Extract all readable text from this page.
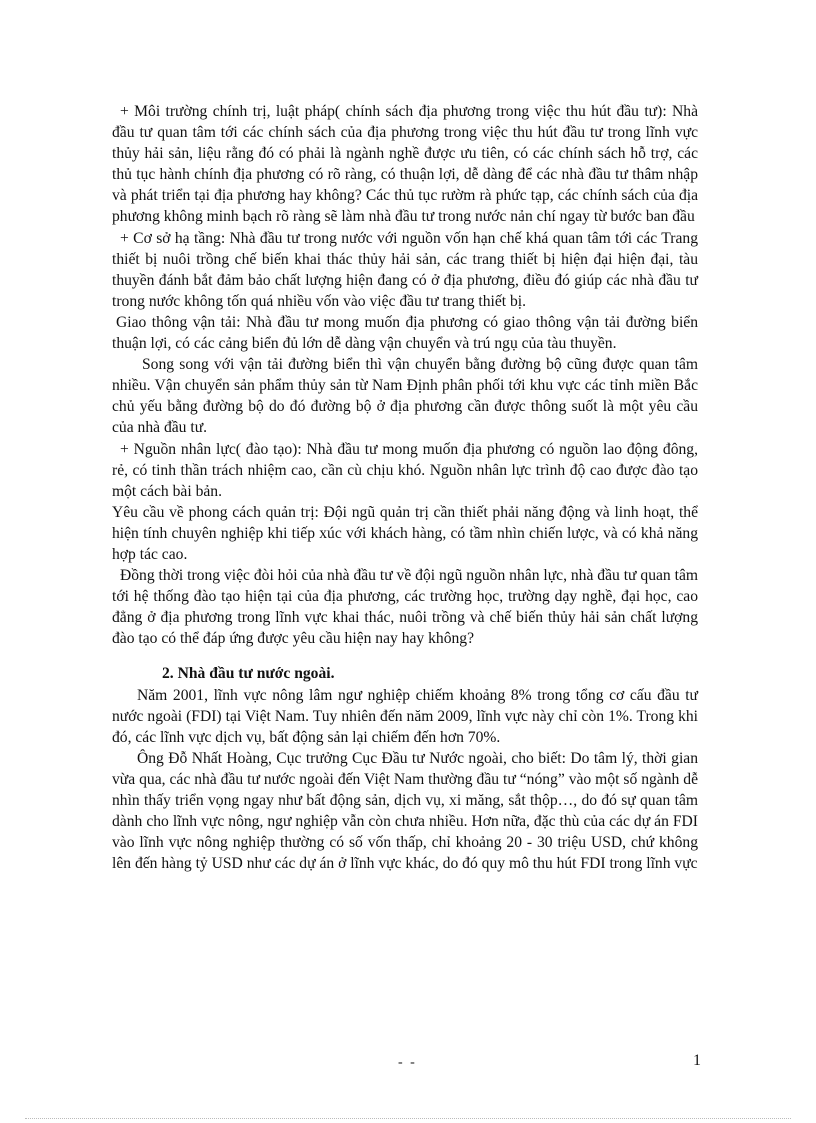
+ Môi trường chính trị, luật pháp( chính sách địa phương trong việc thu hút đầu tư): Nhà đầu tư quan tâm tới các chính sách của địa phương trong việc thu hút đầu tư trong lĩnh vực thủy hải sản, liệu rằng đó có phải là ngành nghề được ưu tiên, có các chính sách hỗ trợ, các thủ tục hành chính địa phương có rõ ràng, có thuận lợi, dễ dàng để các nhà đầu tư thâm nhập và phát triển tại địa phương hay không? Các thủ tục rườm rà phức tạp, các chính sách của địa phương không minh bạch rõ ràng sẽ làm nhà đầu tư trong nước nản chí ngay từ bước ban đầu

+ Cơ sở hạ tầng: Nhà đầu tư trong nước với nguồn vốn hạn chế khá quan tâm tới các Trang thiết bị nuôi trồng chế biến khai thác thủy hải sản, các trang thiết bị hiện đại hiện đại, tàu thuyền đánh bắt đảm bảo chất lượng hiện đang có ở địa phương, điều đó giúp các nhà đầu tư trong nước không tốn quá nhiều vốn vào việc đầu tư trang thiết bị.

Giao thông vận tải: Nhà đầu tư mong muốn địa phương có giao thông vận tải đường biển thuận lợi, có các cảng biển đủ lớn dễ dàng vận chuyển và trú ngụ của tàu thuyền.

Song song với vận tải đường biển thì vận chuyển bằng đường bộ cũng được quan tâm nhiều. Vận chuyển sản phẩm thủy sản từ Nam Định phân phối tới khu vực các tỉnh miền Bắc chủ yếu bằng đường bộ do đó đường bộ ở địa phương cần được thông suốt là một yêu cầu của nhà đầu tư.

+ Nguồn nhân lực( đào tạo): Nhà đầu tư mong muốn địa phương có nguồn lao động đông, rẻ, có tinh thần trách nhiệm cao, cần cù chịu khó. Nguồn nhân lực trình độ cao được đào tạo một cách bài bản.

Yêu cầu về phong cách quản trị: Đội ngũ quản trị cần thiết phải năng động và linh hoạt, thể hiện tính chuyên nghiệp khi tiếp xúc với khách hàng, có tầm nhìn chiến lược, và có khả năng hợp tác cao.

Đồng thời trong việc đòi hỏi của nhà đầu tư về đội ngũ nguồn nhân lực, nhà đầu tư quan tâm tới hệ thống đào tạo hiện tại của địa phương, các trường học, trường dạy nghề, đại học, cao đẳng ở địa phương trong lĩnh vực khai thác, nuôi trồng và chế biến thủy hải sản chất lượng đào tạo có thể đáp ứng được yêu cầu hiện nay hay không?

2. Nhà đầu tư nước ngoài.

Năm 2001, lĩnh vực nông lâm ngư nghiệp chiếm khoảng 8% trong tổng cơ cấu đầu tư nước ngoài (FDI) tại Việt Nam. Tuy nhiên đến năm 2009, lĩnh vực này chỉ còn 1%. Trong khi đó, các lĩnh vực dịch vụ, bất động sản lại chiếm đến hơn 70%.

Ông Đỗ Nhất Hoàng, Cục trưởng Cục Đầu tư Nước ngoài, cho biết: Do tâm lý, thời gian vừa qua, các nhà đầu tư nước ngoài đến Việt Nam thường đầu tư “nóng” vào một số ngành dễ nhìn thấy triển vọng ngay như bất động sản, dịch vụ, xi măng, sắt thộp…, do đó sự quan tâm dành cho lĩnh vực nông, ngư nghiệp vẫn còn chưa nhiều. Hơn nữa, đặc thù của các dự án FDI vào lĩnh vực nông nghiệp thường có số vốn thấp, chỉ khoảng 20 - 30 triệu USD, chứ không lên đến hàng tỷ USD như các dự án ở lĩnh vực khác, do đó quy mô thu hút FDI trong lĩnh vực

- -	1
